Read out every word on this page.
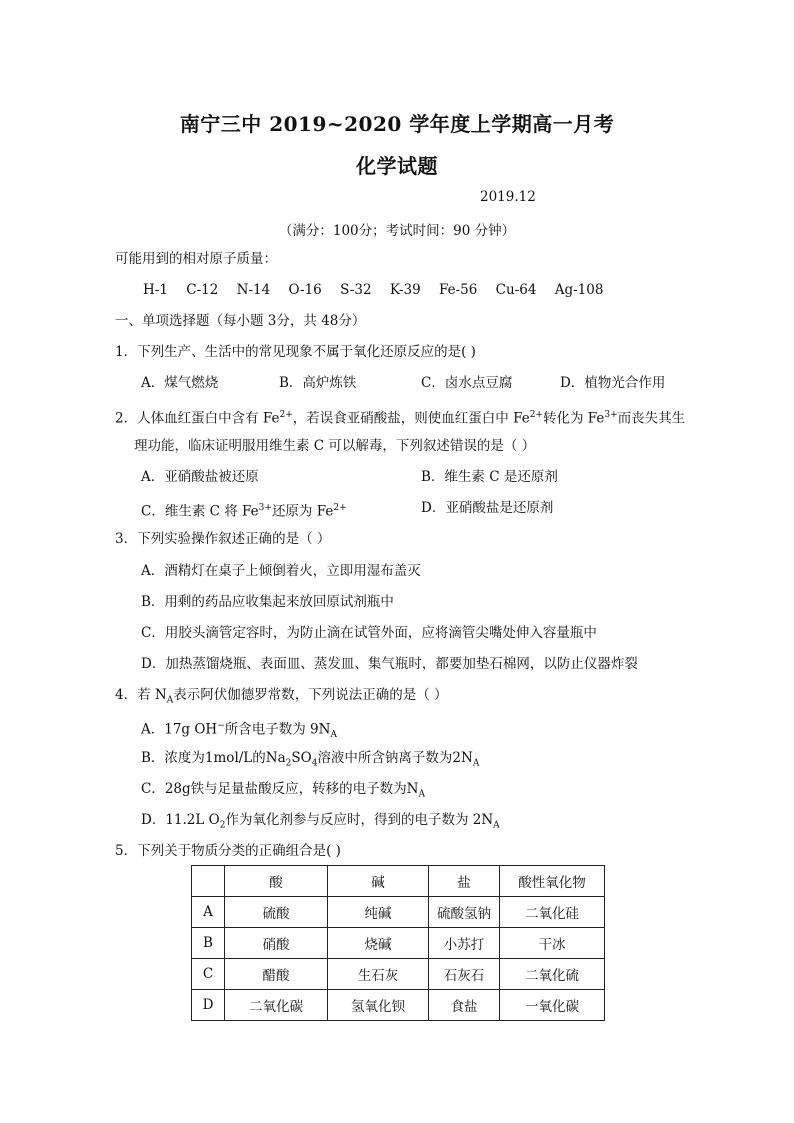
南宁三中 2019~2020 学年度上学期高一月考
化学试题
2019.12
（满分：100分；考试时间：90 分钟）
可能用到的相对原子质量：
H-1 C-12 N-14 O-16 S-32 K-39 Fe-56 Cu-64 Ag-108
一、单项选择题（每小题 3分，共 48分）
1．下列生产、生活中的常见现象不属于氧化还原反应的是( )
A．煤气燃烧	B．高炉炼铁	C．卤水点豆腐	D．植物光合作用
2．人体血红蛋白中含有 $Fe^{2+}$，若误食亚硝酸盐，则使血红蛋白中 $Fe^{2+}$转化为 $Fe^{3+}$而丧失其生
理功能，临床证明服用维生素 C 可以解毒，下列叙述错误的是（ ）
A．亚硝酸盐被还原	B．维生素 C 是还原剂
C．维生素 C 将 $Fe^{3+}$还原为 $Fe^{2+}$	D．亚硝酸盐是还原剂
3．下列实验操作叙述正确的是（ ）
A．酒精灯在桌子上倾倒着火，立即用湿布盖灭
B．用剩的药品应收集起来放回原试剂瓶中
C．用胶头滴管定容时，为防止滴在试管外面，应将滴管尖嘴处伸入容量瓶中
D．加热蒸馏烧瓶、表面皿、蒸发皿、集气瓶时，都要加垫石棉网，以防止仪器炸裂
4．若 $N_A$表示阿伏伽德罗常数，下列说法正确的是（ ）
A．17g OH−所含电子数为 $9N_A$
B．浓度为1mol/L的$Na_2SO_4$溶液中所含钠离子数为$2N_A$
C．28g铁与足量盐酸反应，转移的电子数为$N_A$
D．11.2L $O_2$作为氧化剂参与反应时，得到的电子数为 $2N_A$
5．下列关于物质分类的正确组合是( )
	酸	碱	盐	酸性氧化物
A	硫酸	纯碱	硫酸氢钠	二氧化硅
B	硝酸	烧碱	小苏打	干冰
C	醋酸	生石灰	石灰石	二氧化硫
D	二氧化碳	氢氧化钡	食盐	一氧化碳
